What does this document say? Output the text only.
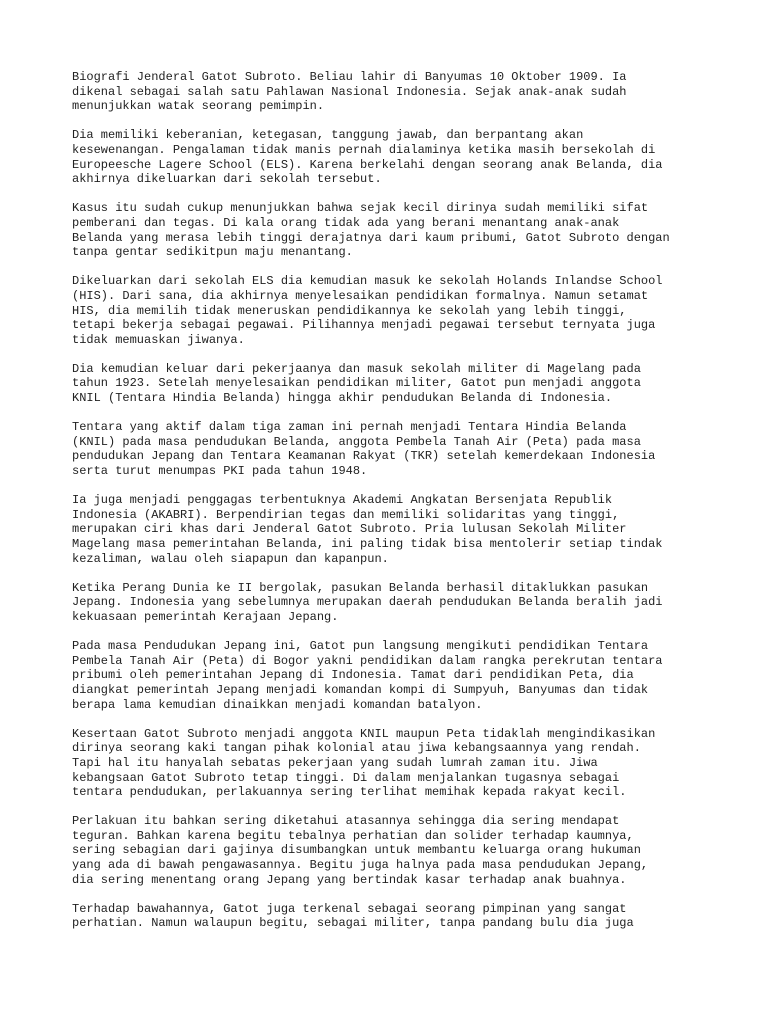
Biografi Jenderal Gatot Subroto. Beliau lahir di Banyumas 10 Oktober 1909. Ia
dikenal sebagai salah satu Pahlawan Nasional Indonesia. Sejak anak-anak sudah
menunjukkan watak seorang pemimpin.
Dia memiliki keberanian, ketegasan, tanggung jawab, dan berpantang akan
kesewenangan. Pengalaman tidak manis pernah dialaminya ketika masih bersekolah di
Europeesche Lagere School (ELS). Karena berkelahi dengan seorang anak Belanda, dia
akhirnya dikeluarkan dari sekolah tersebut.
Kasus itu sudah cukup menunjukkan bahwa sejak kecil dirinya sudah memiliki sifat
pemberani dan tegas. Di kala orang tidak ada yang berani menantang anak-anak
Belanda yang merasa lebih tinggi derajatnya dari kaum pribumi, Gatot Subroto dengan
tanpa gentar sedikitpun maju menantang.
Dikeluarkan dari sekolah ELS dia kemudian masuk ke sekolah Holands Inlandse School
(HIS). Dari sana, dia akhirnya menyelesaikan pendidikan formalnya. Namun setamat
HIS, dia memilih tidak meneruskan pendidikannya ke sekolah yang lebih tinggi,
tetapi bekerja sebagai pegawai. Pilihannya menjadi pegawai tersebut ternyata juga
tidak memuaskan jiwanya.
Dia kemudian keluar dari pekerjaanya dan masuk sekolah militer di Magelang pada
tahun 1923. Setelah menyelesaikan pendidikan militer, Gatot pun menjadi anggota
KNIL (Tentara Hindia Belanda) hingga akhir pendudukan Belanda di Indonesia.
Tentara yang aktif dalam tiga zaman ini pernah menjadi Tentara Hindia Belanda
(KNIL) pada masa pendudukan Belanda, anggota Pembela Tanah Air (Peta) pada masa
pendudukan Jepang dan Tentara Keamanan Rakyat (TKR) setelah kemerdekaan Indonesia
serta turut menumpas PKI pada tahun 1948.
Ia juga menjadi penggagas terbentuknya Akademi Angkatan Bersenjata Republik
Indonesia (AKABRI). Berpendirian tegas dan memiliki solidaritas yang tinggi,
merupakan ciri khas dari Jenderal Gatot Subroto. Pria lulusan Sekolah Militer
Magelang masa pemerintahan Belanda, ini paling tidak bisa mentolerir setiap tindak
kezaliman, walau oleh siapapun dan kapanpun.
Ketika Perang Dunia ke II bergolak, pasukan Belanda berhasil ditaklukkan pasukan
Jepang. Indonesia yang sebelumnya merupakan daerah pendudukan Belanda beralih jadi
kekuasaan pemerintah Kerajaan Jepang.
Pada masa Pendudukan Jepang ini, Gatot pun langsung mengikuti pendidikan Tentara
Pembela Tanah Air (Peta) di Bogor yakni pendidikan dalam rangka perekrutan tentara
pribumi oleh pemerintahan Jepang di Indonesia. Tamat dari pendidikan Peta, dia
diangkat pemerintah Jepang menjadi komandan kompi di Sumpyuh, Banyumas dan tidak
berapa lama kemudian dinaikkan menjadi komandan batalyon.
Kesertaan Gatot Subroto menjadi anggota KNIL maupun Peta tidaklah mengindikasikan
dirinya seorang kaki tangan pihak kolonial atau jiwa kebangsaannya yang rendah.
Tapi hal itu hanyalah sebatas pekerjaan yang sudah lumrah zaman itu. Jiwa
kebangsaan Gatot Subroto tetap tinggi. Di dalam menjalankan tugasnya sebagai
tentara pendudukan, perlakuannya sering terlihat memihak kepada rakyat kecil.
Perlakuan itu bahkan sering diketahui atasannya sehingga dia sering mendapat
teguran. Bahkan karena begitu tebalnya perhatian dan solider terhadap kaumnya,
sering sebagian dari gajinya disumbangkan untuk membantu keluarga orang hukuman
yang ada di bawah pengawasannya. Begitu juga halnya pada masa pendudukan Jepang,
dia sering menentang orang Jepang yang bertindak kasar terhadap anak buahnya.
Terhadap bawahannya, Gatot juga terkenal sebagai seorang pimpinan yang sangat
perhatian. Namun walaupun begitu, sebagai militer, tanpa pandang bulu dia juga
